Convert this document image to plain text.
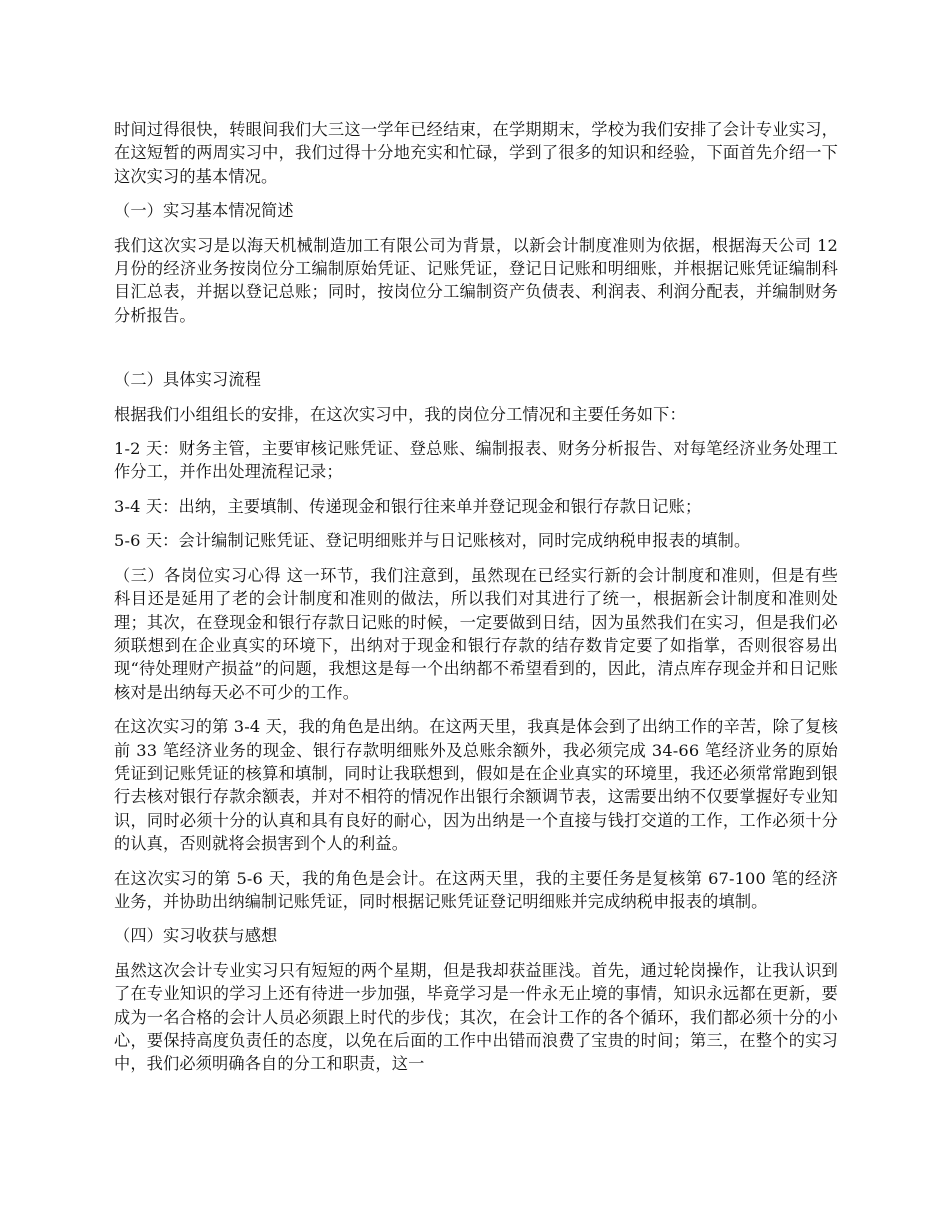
时间过得很快，转眼间我们大三这一学年已经结束，在学期期末，学校为我们安排了会计专业实习，在这短暂的两周实习中，我们过得十分地充实和忙碌，学到了很多的知识和经验，下面首先介绍一下这次实习的基本情况。

（一）实习基本情况简述

我们这次实习是以海天机械制造加工有限公司为背景，以新会计制度准则为依据，根据海天公司 12 月份的经济业务按岗位分工编制原始凭证、记账凭证，登记日记账和明细账，并根据记账凭证编制科目汇总表，并据以登记总账；同时，按岗位分工编制资产负债表、利润表、利润分配表，并编制财务分析报告。

（二）具体实习流程

根据我们小组组长的安排，在这次实习中，我的岗位分工情况和主要任务如下：

1-2 天：财务主管，主要审核记账凭证、登总账、编制报表、财务分析报告、对每笔经济业务处理工作分工，并作出处理流程记录；

3-4 天：出纳，主要填制、传递现金和银行往来单并登记现金和银行存款日记账；

5-6 天：会计编制记账凭证、登记明细账并与日记账核对，同时完成纳税申报表的填制。

（三）各岗位实习心得 这一环节，我们注意到，虽然现在已经实行新的会计制度和准则，但是有些科目还是延用了老的会计制度和准则的做法，所以我们对其进行了统一，根据新会计制度和准则处理；其次，在登现金和银行存款日记账的时候，一定要做到日结，因为虽然我们在实习，但是我们必须联想到在企业真实的环境下，出纳对于现金和银行存款的结存数肯定要了如指掌，否则很容易出现“待处理财产损益”的问题，我想这是每一个出纳都不希望看到的，因此，清点库存现金并和日记账核对是出纳每天必不可少的工作。

在这次实习的第 3-4 天，我的角色是出纳。在这两天里，我真是体会到了出纳工作的辛苦，除了复核前 33 笔经济业务的现金、银行存款明细账外及总账余额外，我必须完成 34-66 笔经济业务的原始凭证到记账凭证的核算和填制，同时让我联想到，假如是在企业真实的环境里，我还必须常常跑到银行去核对银行存款余额表，并对不相符的情况作出银行余额调节表，这需要出纳不仅要掌握好专业知识，同时必须十分的认真和具有良好的耐心，因为出纳是一个直接与钱打交道的工作，工作必须十分的认真，否则就将会损害到个人的利益。

在这次实习的第 5-6 天，我的角色是会计。在这两天里，我的主要任务是复核第 67-100 笔的经济业务，并协助出纳编制记账凭证，同时根据记账凭证登记明细账并完成纳税申报表的填制。

（四）实习收获与感想

虽然这次会计专业实习只有短短的两个星期，但是我却获益匪浅。首先，通过轮岗操作，让我认识到了在专业知识的学习上还有待进一步加强，毕竟学习是一件永无止境的事情，知识永远都在更新，要成为一名合格的会计人员必须跟上时代的步伐；其次，在会计工作的各个循环，我们都必须十分的小心，要保持高度负责任的态度，以免在后面的工作中出错而浪费了宝贵的时间；第三，在整个的实习中，我们必须明确各自的分工和职责，这一
